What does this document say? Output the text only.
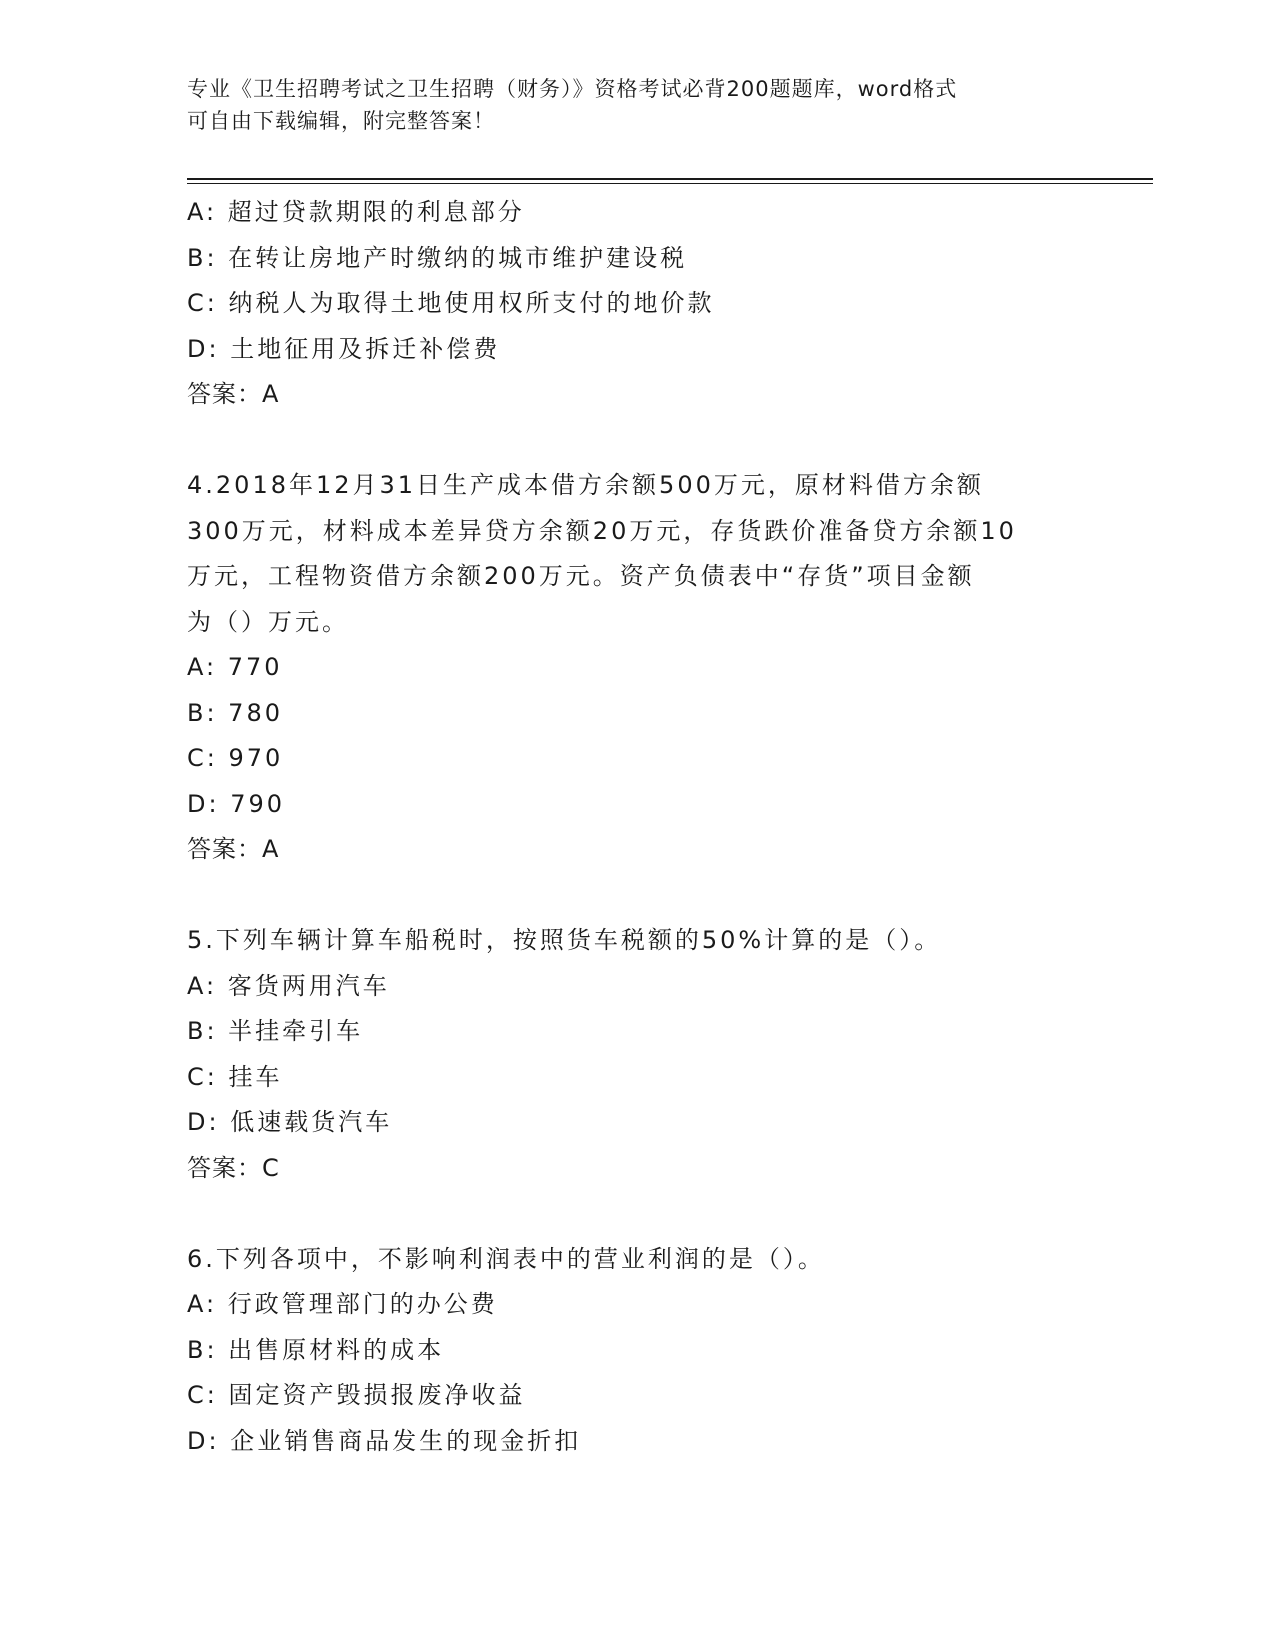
专业《卫生招聘考试之卫生招聘（财务）》资格考试必背200题题库，word格式
可自由下载编辑，附完整答案！
A: 超过贷款期限的利息部分
B: 在转让房地产时缴纳的城市维护建设税
C: 纳税人为取得土地使用权所支付的地价款
D: 土地征用及拆迁补偿费
答案：A
4.2018年12月31日生产成本借方余额500万元，原材料借方余额
300万元，材料成本差异贷方余额20万元，存货跌价准备贷方余额10
万元，工程物资借方余额200万元。资产负债表中“存货”项目金额
为（）万元。
A: 770
B: 780
C: 970
D: 790
答案：A
5.下列车辆计算车船税时，按照货车税额的50%计算的是（）。
A: 客货两用汽车
B: 半挂牵引车
C: 挂车
D: 低速载货汽车
答案：C
6.下列各项中，不影响利润表中的营业利润的是（）。
A: 行政管理部门的办公费
B: 出售原材料的成本
C: 固定资产毁损报废净收益
D: 企业销售商品发生的现金折扣
